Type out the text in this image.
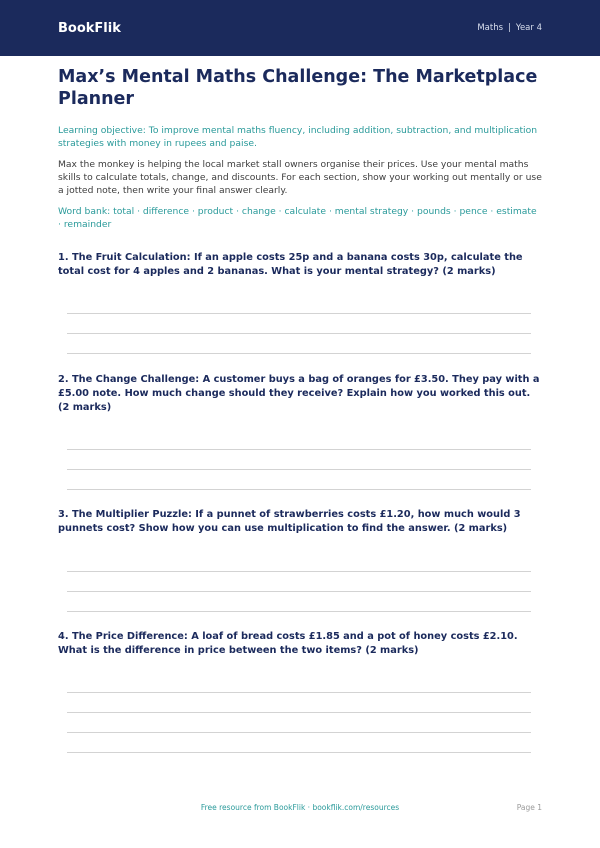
BookFlik	Maths | Year 4
Max’s Mental Maths Challenge: The Marketplace Planner

Learning objective: To improve mental maths fluency, including addition, subtraction, and multiplication strategies with money in rupees and paise.

Max the monkey is helping the local market stall owners organise their prices. Use your mental maths skills to calculate totals, change, and discounts. For each section, show your working out mentally or use a jotted note, then write your final answer clearly.

Word bank: total · difference · product · change · calculate · mental strategy · pounds · pence · estimate · remainder

1. The Fruit Calculation: If an apple costs 25p and a banana costs 30p, calculate the total cost for 4 apples and 2 bananas. What is your mental strategy? (2 marks)

2. The Change Challenge: A customer buys a bag of oranges for £3.50. They pay with a £5.00 note. How much change should they receive? Explain how you worked this out. (2 marks)

3. The Multiplier Puzzle: If a punnet of strawberries costs £1.20, how much would 3 punnets cost? Show how you can use multiplication to find the answer. (2 marks)

4. The Price Difference: A loaf of bread costs £1.85 and a pot of honey costs £2.10. What is the difference in price between the two items? (2 marks)

Free resource from BookFlik · bookflik.com/resources	Page 1
